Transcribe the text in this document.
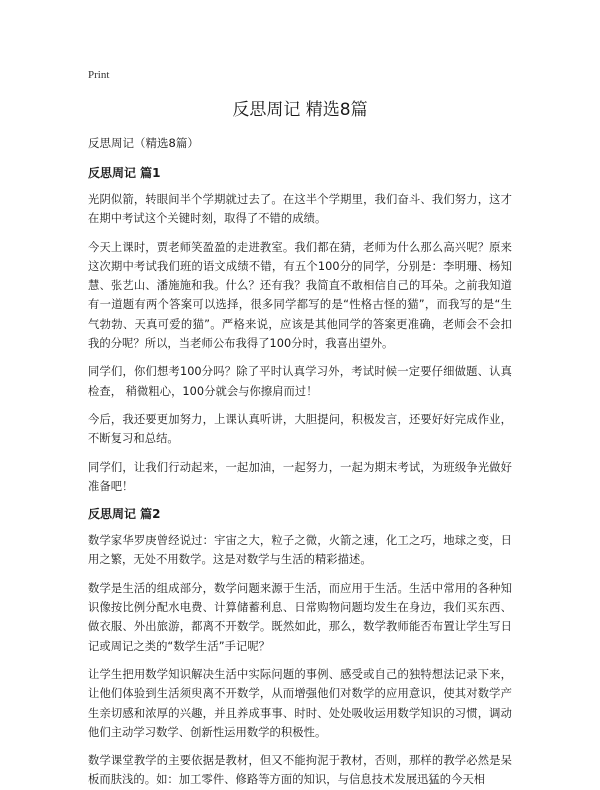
Print
反思周记 精选8篇
反思周记（精选8篇）
反思周记 篇1

光阴似箭，转眼间半个学期就过去了。在这半个学期里，我们奋斗、我们努力，这才在期中考试这个关键时刻，取得了不错的成绩。

今天上课时，贾老师笑盈盈的走进教室。我们都在猜，老师为什么那么高兴呢？原来这次期中考试我们班的语文成绩不错，有五个100分的同学，分别是：李明珊、杨知慧、张艺山、潘施施和我。什么？还有我？我简直不敢相信自己的耳朵。之前我知道有一道题有两个答案可以选择，很多同学都写的是“性格古怪的猫”，而我写的是“生气勃勃、天真可爱的猫”。严格来说，应该是其他同学的答案更准确，老师会不会扣我的分呢？所以，当老师公布我得了100分时，我喜出望外。

同学们，你们想考100分吗？除了平时认真学习外，考试时候一定要仔细做题、认真检查， 稍微粗心，100分就会与你擦肩而过！

今后，我还要更加努力，上课认真听讲，大胆提问，积极发言，还要好好完成作业，不断复习和总结。

同学们，让我们行动起来，一起加油，一起努力，一起为期末考试，为班级争光做好准备吧！

反思周记 篇2

数学家华罗庚曾经说过：宇宙之大，粒子之微，火箭之速，化工之巧，地球之变，日用之繁，无处不用数学。这是对数学与生活的精彩描述。

数学是生活的组成部分，数学问题来源于生活，而应用于生活。生活中常用的各种知识像按比例分配水电费、计算储蓄利息、日常购物问题均发生在身边，我们买东西、做衣服、外出旅游，都离不开数学。既然如此，那么，数学教师能否布置让学生写日记或周记之类的“数学生活”手记呢？

让学生把用数学知识解决生活中实际问题的事例、感受或自己的独特想法记录下来，让他们体验到生活须臾离不开数学，从而增强他们对数学的应用意识，使其对数学产生亲切感和浓厚的兴趣，并且养成事事、时时、处处吸收运用数学知识的习惯，调动他们主动学习数学、创新性运用数学的积极性。

数学课堂教学的主要依据是教材，但又不能拘泥于教材，否则，那样的教学必然是呆板而肤浅的。如：加工零件、修路等方面的知识，与信息技术发展迅猛的今天相
